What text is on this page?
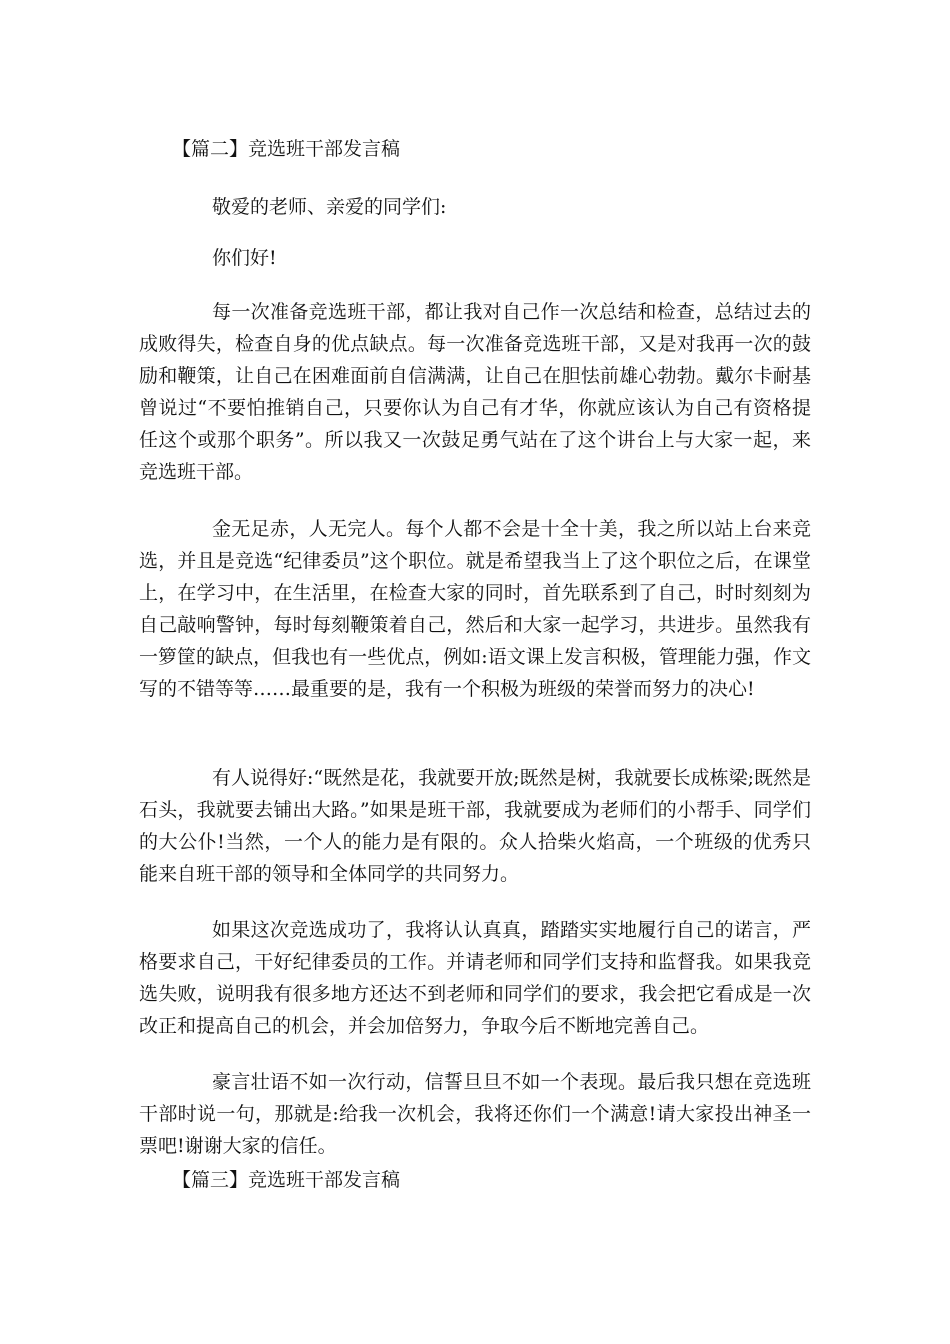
【篇二】竞选班干部发言稿
敬爱的老师、亲爱的同学们:
你们好!
每一次准备竞选班干部，都让我对自己作一次总结和检查，总结过去的成败得失，检查自身的优点缺点。每一次准备竞选班干部，又是对我再一次的鼓励和鞭策，让自己在困难面前自信满满，让自己在胆怯前雄心勃勃。戴尔卡耐基曾说过“不要怕推销自己，只要你认为自己有才华，你就应该认为自己有资格提任这个或那个职务”。所以我又一次鼓足勇气站在了这个讲台上与大家一起，来竞选班干部。
金无足赤，人无完人。每个人都不会是十全十美，我之所以站上台来竞选，并且是竞选“纪律委员”这个职位。就是希望我当上了这个职位之后，在课堂上，在学习中，在生活里，在检查大家的同时，首先联系到了自己，时时刻刻为自己敲响警钟，每时每刻鞭策着自己，然后和大家一起学习，共进步。虽然我有一箩筐的缺点，但我也有一些优点，例如:语文课上发言积极，管理能力强，作文写的不错等等……最重要的是，我有一个积极为班级的荣誉而努力的决心!
有人说得好:“既然是花，我就要开放;既然是树，我就要长成栋梁;既然是石头，我就要去铺出大路。”如果是班干部，我就要成为老师们的小帮手、同学们的大公仆!当然，一个人的能力是有限的。众人拾柴火焰高，一个班级的优秀只能来自班干部的领导和全体同学的共同努力。
如果这次竞选成功了，我将认认真真，踏踏实实地履行自己的诺言，严格要求自己，干好纪律委员的工作。并请老师和同学们支持和监督我。如果我竞选失败，说明我有很多地方还达不到老师和同学们的要求，我会把它看成是一次改正和提高自己的机会，并会加倍努力，争取今后不断地完善自己。
豪言壮语不如一次行动，信誓旦旦不如一个表现。最后我只想在竞选班干部时说一句，那就是:给我一次机会，我将还你们一个满意!请大家投出神圣一票吧!谢谢大家的信任。
【篇三】竞选班干部发言稿
